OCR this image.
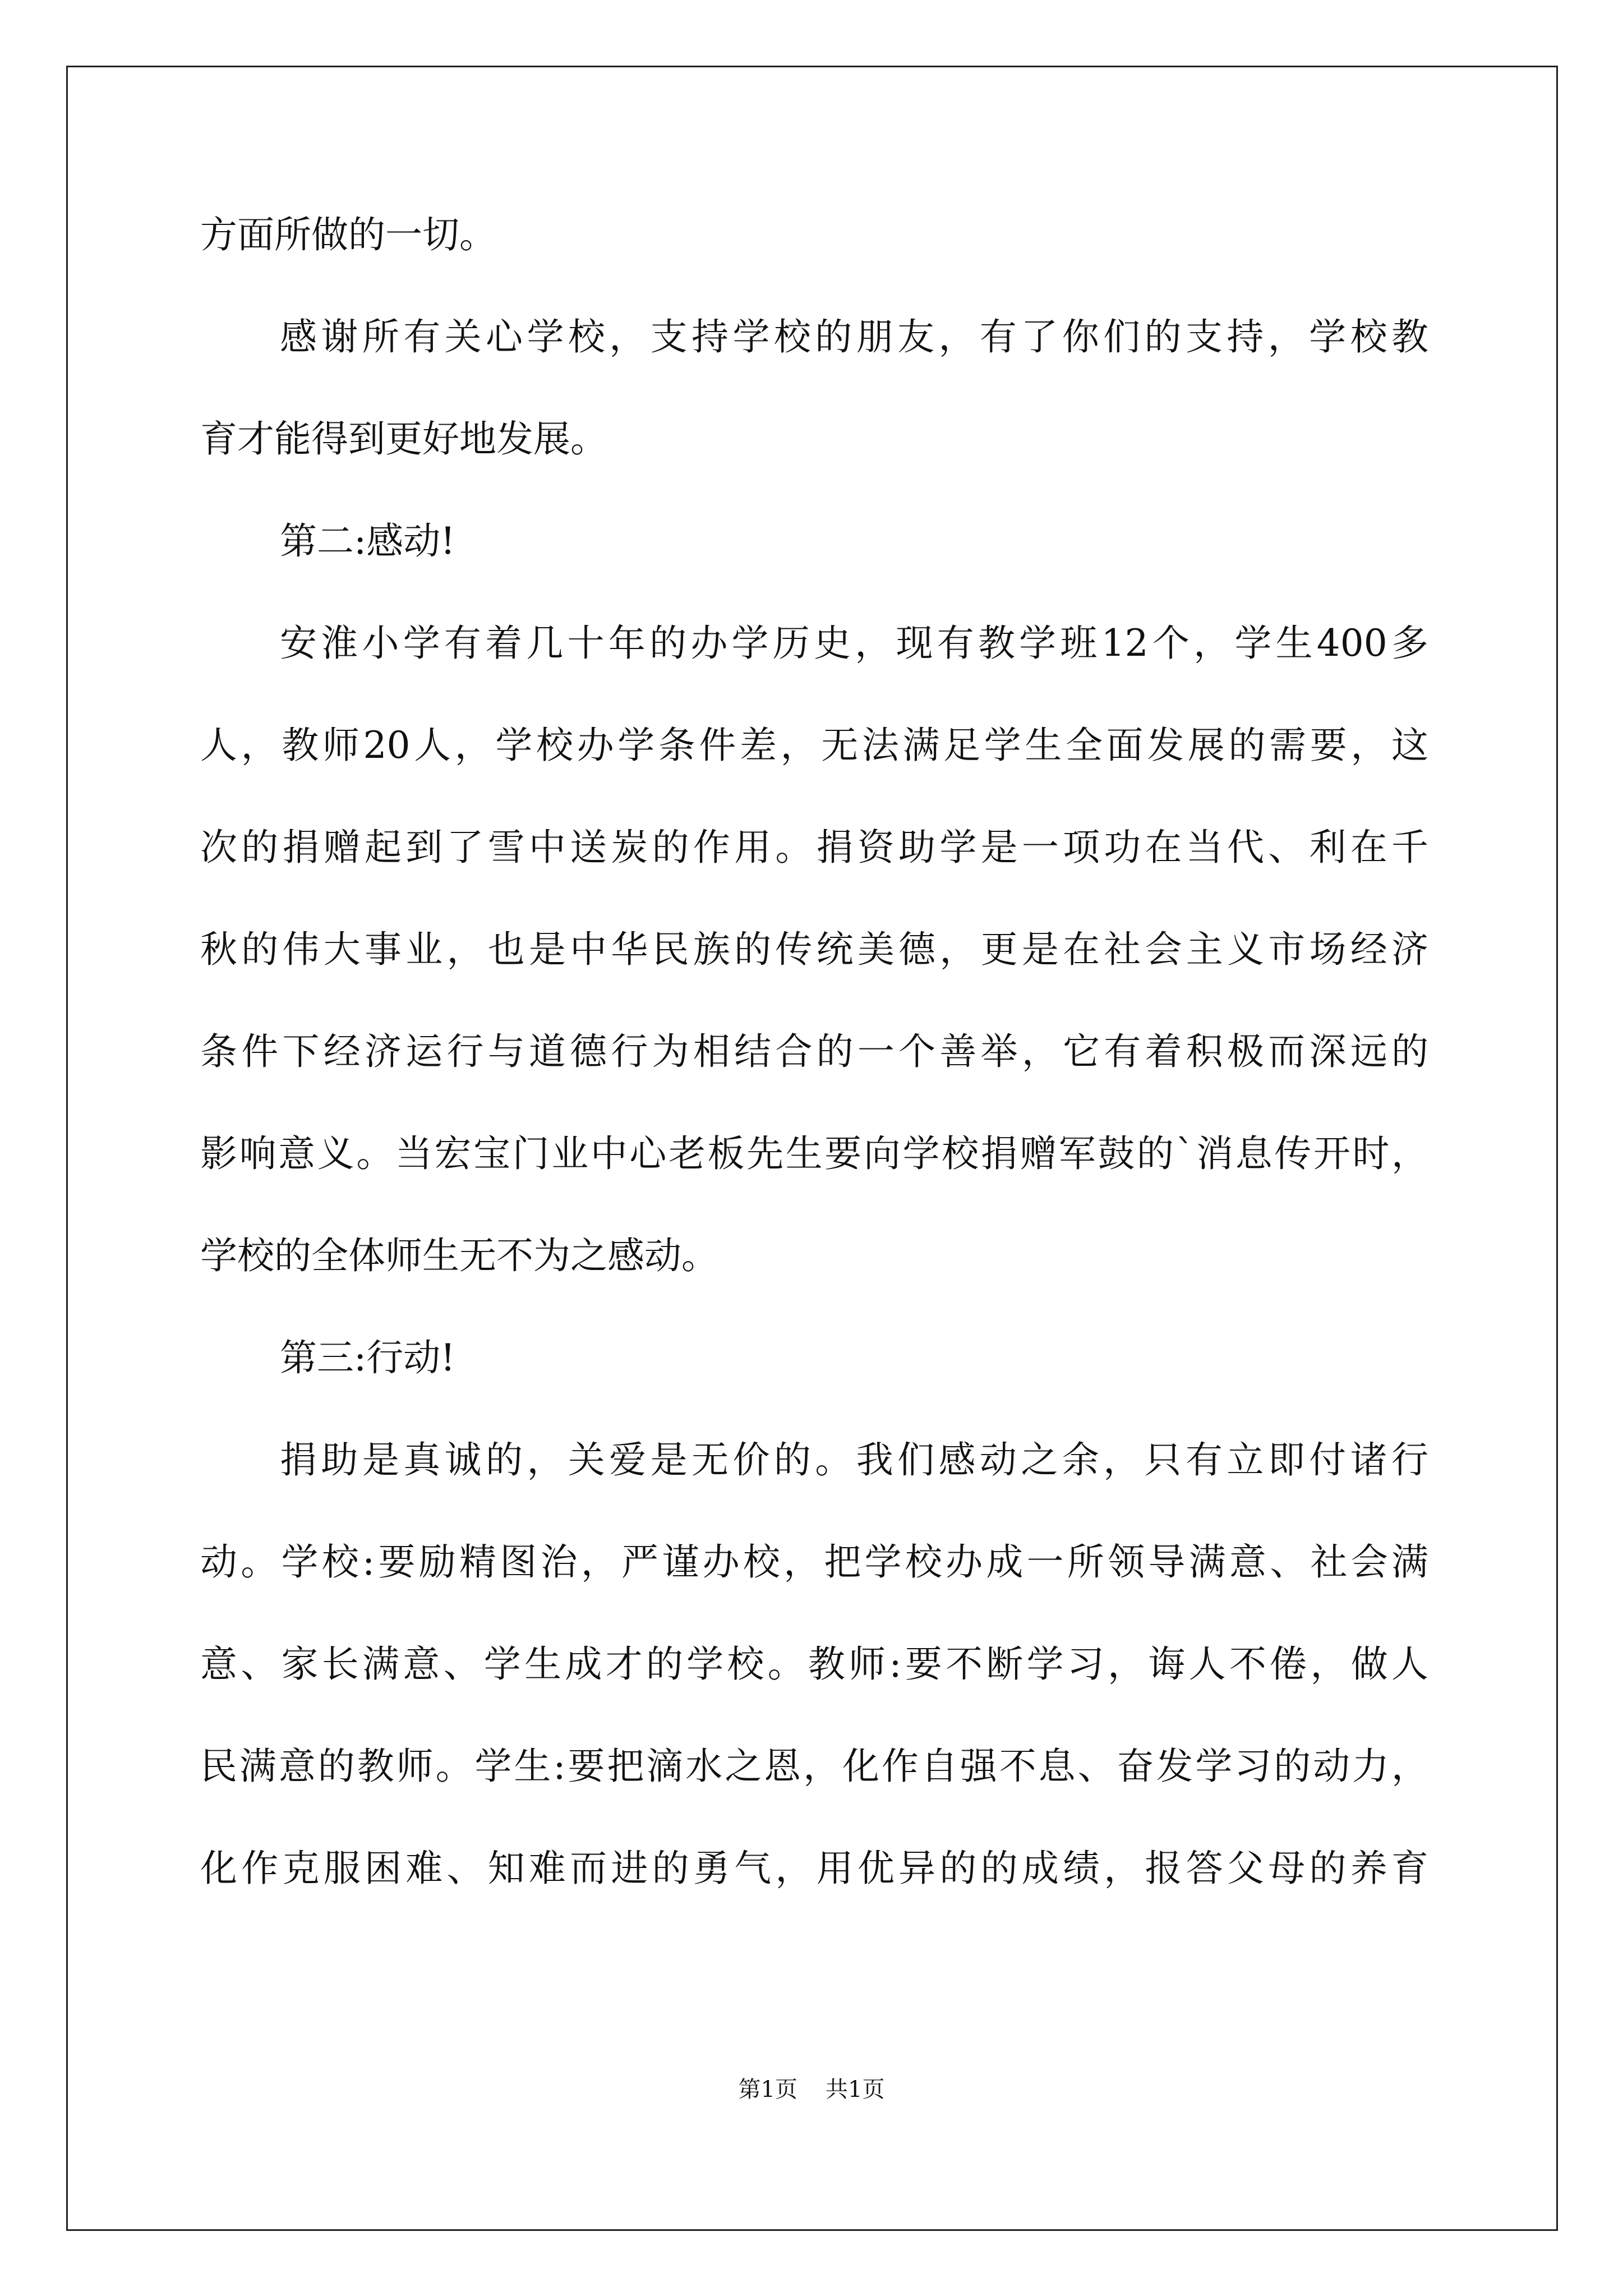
方面所做的一切。
感谢所有关心学校，支持学校的朋友，有了你们的支持，学校教
育才能得到更好地发展。
第二:感动!
安淮小学有着几十年的办学历史，现有教学班12个，学生400多
人，教师20人，学校办学条件差，无法满足学生全面发展的需要，这
次的捐赠起到了雪中送炭的作用。捐资助学是一项功在当代、利在千
秋的伟大事业，也是中华民族的传统美德，更是在社会主义市场经济
条件下经济运行与道德行为相结合的一个善举，它有着积极而深远的
影响意义。当宏宝门业中心老板先生要向学校捐赠军鼓的`消息传开时，
学校的全体师生无不为之感动。
第三:行动!
捐助是真诚的，关爱是无价的。我们感动之余，只有立即付诸行
动。学校:要励精图治，严谨办校，把学校办成一所领导满意、社会满
意、家长满意、学生成才的学校。教师:要不断学习，诲人不倦，做人
民满意的教师。学生:要把滴水之恩，化作自强不息、奋发学习的动力，
化作克服困难、知难而进的勇气，用优异的的成绩，报答父母的养育
第1页 共1页
